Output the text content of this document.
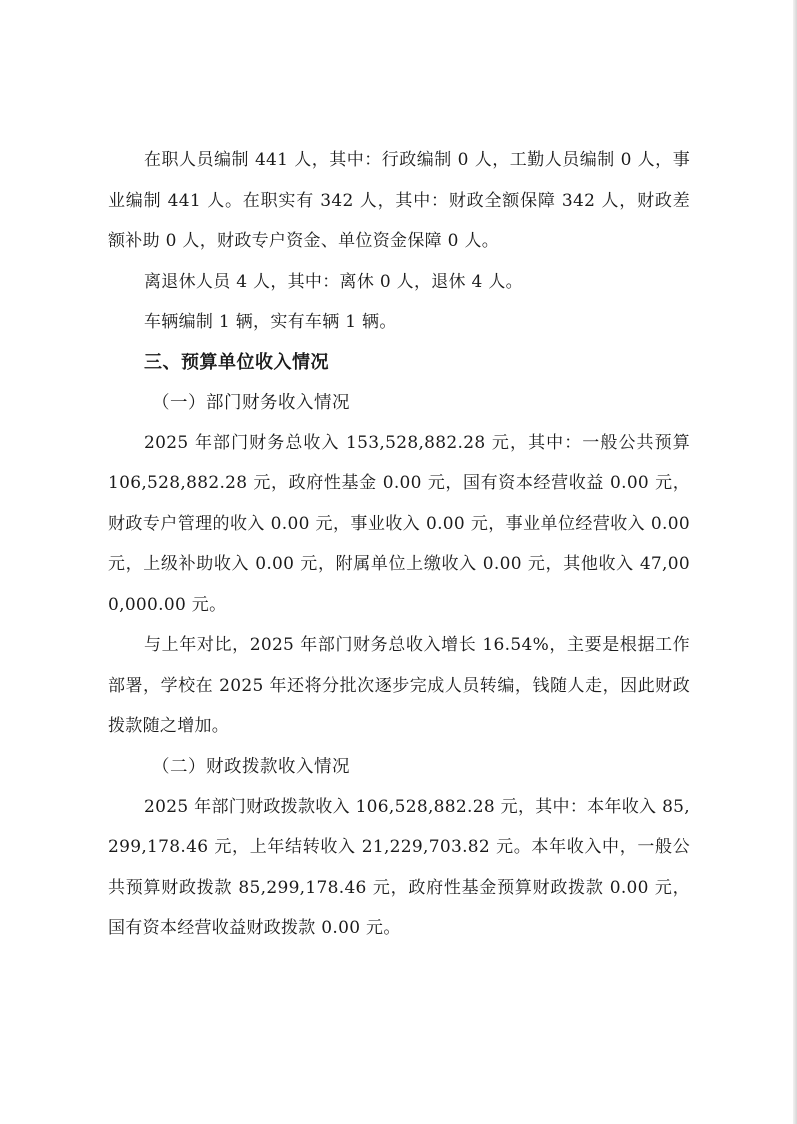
在职人员编制 441 人，其中：行政编制 0 人，工勤人员编制 0 人，事业编制 441 人。在职实有 342 人，其中：财政全额保障 342 人，财政差额补助 0 人，财政专户资金、单位资金保障 0 人。

离退休人员 4 人，其中：离休 0 人，退休 4 人。

车辆编制 1 辆，实有车辆 1 辆。

三、预算单位收入情况

（一）部门财务收入情况

2025 年部门财务总收入 153,528,882.28 元，其中：一般公共预算 106,528,882.28 元，政府性基金 0.00 元，国有资本经营收益 0.00 元，财政专户管理的收入 0.00 元，事业收入 0.00 元，事业单位经营收入 0.00 元，上级补助收入 0.00 元，附属单位上缴收入 0.00 元，其他收入 47,000,000.00 元。

与上年对比，2025 年部门财务总收入增长 16.54%，主要是根据工作部署，学校在 2025 年还将分批次逐步完成人员转编，钱随人走，因此财政拨款随之增加。

（二）财政拨款收入情况

2025 年部门财政拨款收入 106,528,882.28 元，其中：本年收入 85,299,178.46 元，上年结转收入 21,229,703.82 元。本年收入中，一般公共预算财政拨款 85,299,178.46 元，政府性基金预算财政拨款 0.00 元，国有资本经营收益财政拨款 0.00 元。
